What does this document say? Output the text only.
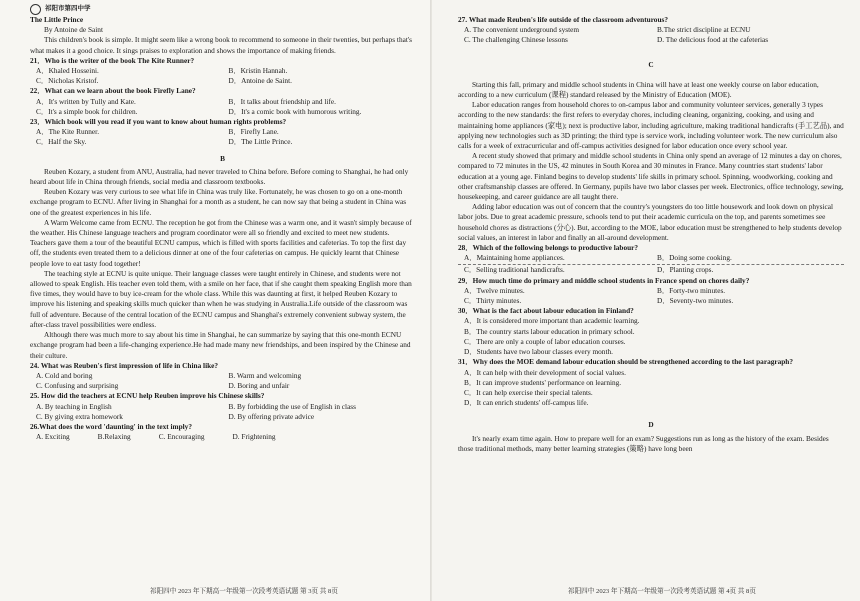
祁阳市第四中学

The Little Prince

By Antoine de Saint

This children's book is simple. It might seem like a wrong book to recommend to someone in their twenties, but perhaps that's what makes it a good choice. It sings praises to exploration and shows the importance of making friends.

21．Who is the writer of the book The Kite Runner?

A．Khaled Hosseini.	B．Kristin Hannah.
C．Nicholas Kristof.	D．Antoine de Saint.

22．What can we learn about the book Firefly Lane?

A．It's written by Tully and Kate.	B．It talks about friendship and life.
C．It's a simple book for children.	D．It's a comic book with humorous writing.

23．Which book will you read if you want to know about human rights problems?

A．The Kite Runner.	B．Firefly Lane.
C．Half the Sky.	D．The Little Prince.

B

Reuben Kozary, a student from ANU, Australia, had never traveled to China before. Before coming to Shanghai, he had only heard about life in China through friends, social media and classroom textbooks.

Reuben Kozary was very curious to see what life in China was truly like. Fortunately, he was chosen to go on a one-month exchange program to ECNU. After living in Shanghai for a month as a student, he can now say that being a student in China was one of the greatest experiences in his life.

A Warm Welcome came from ECNU. The reception he got from the Chinese was a warm one, and it wasn't simply because of the weather. His Chinese language teachers and program coordinator were all so friendly and excited to meet new students. Teachers gave them a tour of the beautiful ECNU campus, which is filled with sports facilities and cafeterias. To top the first day off, the students even treated them to a delicious dinner at one of the four cafeterias on campus. He quickly learnt that Chinese people love to eat tasty food together!

The teaching style at ECNU is quite unique. Their language classes were taught entirely in Chinese, and students were not allowed to speak English. His teacher even told them, with a smile on her face, that if she caught them speaking English more than five times, they would have to buy ice-cream for the whole class. While this was daunting at first, it helped Reuben Kozary to improve his listening and speaking skills much quicker than when he was studying in Australia.Life outside of the classroom was full of adventure. Because of the central location of the ECNU campus and Shanghai's extremely convenient subway system, the after-class travel possibilities were endless.

Although there was much more to say about his time in Shanghai, he can summarize by saying that this one-month ECNU exchange program had been a life-changing experience.He had made many new friendships, and been inspired by the Chinese and their culture.

24. What was Reuben's first impression of life in China like?

A. Cold and boring	B. Warm and welcoming
C. Confusing and surprising	D. Boring and unfair

25. How did the teachers at ECNU help Reuben improve his Chinese skills?

A. By teaching in English	B. By forbidding the use of English in class
C. By giving extra homework	D. By offering private advice

26.What does the word 'daunting' in the text imply?

A. Exciting	B.Relaxing	C. Encouraging	D. Frightening
祁阳四中 2023 年下期高一年级第一次段考英语试题 第 3页 共 8页

27. What made Reuben's life outside of the classroom adventurous?

A. The convenient underground system	B.The strict discipline at ECNU
C. The challenging Chinese lessons	D. The delicious food at the cafeterias

C

Starting this fall, primary and middle school students in China will have at least one weekly course on labor education, according to a new curriculum (课程) standard released by the Ministry of Education (MOE).

Labor education ranges from household chores to on-campus labor and community volunteer services, generally 3 types according to the new standards: the first refers to everyday chores, including cleaning, organizing, cooking, and using and maintaining home appliances (家电); next is productive labor, including agriculture, making traditional handicrafts (手工艺品), and applying new technologies such as 3D printing; the third type is service work, including volunteer work. The new curriculum also calls for a week of extracurricular and off-campus activities designed for labor education once every school year.

A recent study showed that primary and middle school students in China only spend an average of 12 minutes a day on chores, compared to 72 minutes in the US, 42 minutes in South Korea and 30 minutes in France. Many countries start students' labor education at a young age. Finland begins to develop students' life skills in primary school. Spinning, woodworking, cooking and other craftsmanship classes are offered. In Germany, pupils have two labor classes per week. Electronics, office technology, sewing, housekeeping, and career guidance are all taught there.

Adding labor education was out of concern that the country's youngsters do too little housework and look down on physical labor jobs. Due to great academic pressure, schools tend to put their academic curricula on the top, and parents sometimes see household chores as distractions (分心). But, according to the MOE, labor education must be strengthened to help students develop social values, an interest in labor and finally an all-around development.

28．Which of the following belongs to productive labour?

A．Maintaining home appliances.	B．Doing some cooking.
C．Selling traditional handicrafts.	D．Planting crops.

29．How much time do primary and middle school students in France spend on chores daily?

A．Twelve minutes.	B．Forty-two minutes.
C．Thirty minutes.	D．Seventy-two minutes.

30．What is the fact about labour education in Finland?

A．It is considered more important than academic learning.

B．The country starts labour education in primary school.

C．There are only a couple of labor education courses.

D．Students have two labour classes every month.

31．Why does the MOE demand labour education should be strengthened according to the last paragraph?

A．It can help with their development of social values.

B．It can improve students' performance on learning.

C．It can help exercise their special talents.

D．It can enrich students' off-campus life.

D

It's nearly exam time again. How to prepare well for an exam? Suggestions run as long as the history of the exam. Besides those traditional methods, many better learning strategies (策略) have long been

祁阳四中 2023 年下期高一年级第一次段考英语试题 第 4页 共 8页
